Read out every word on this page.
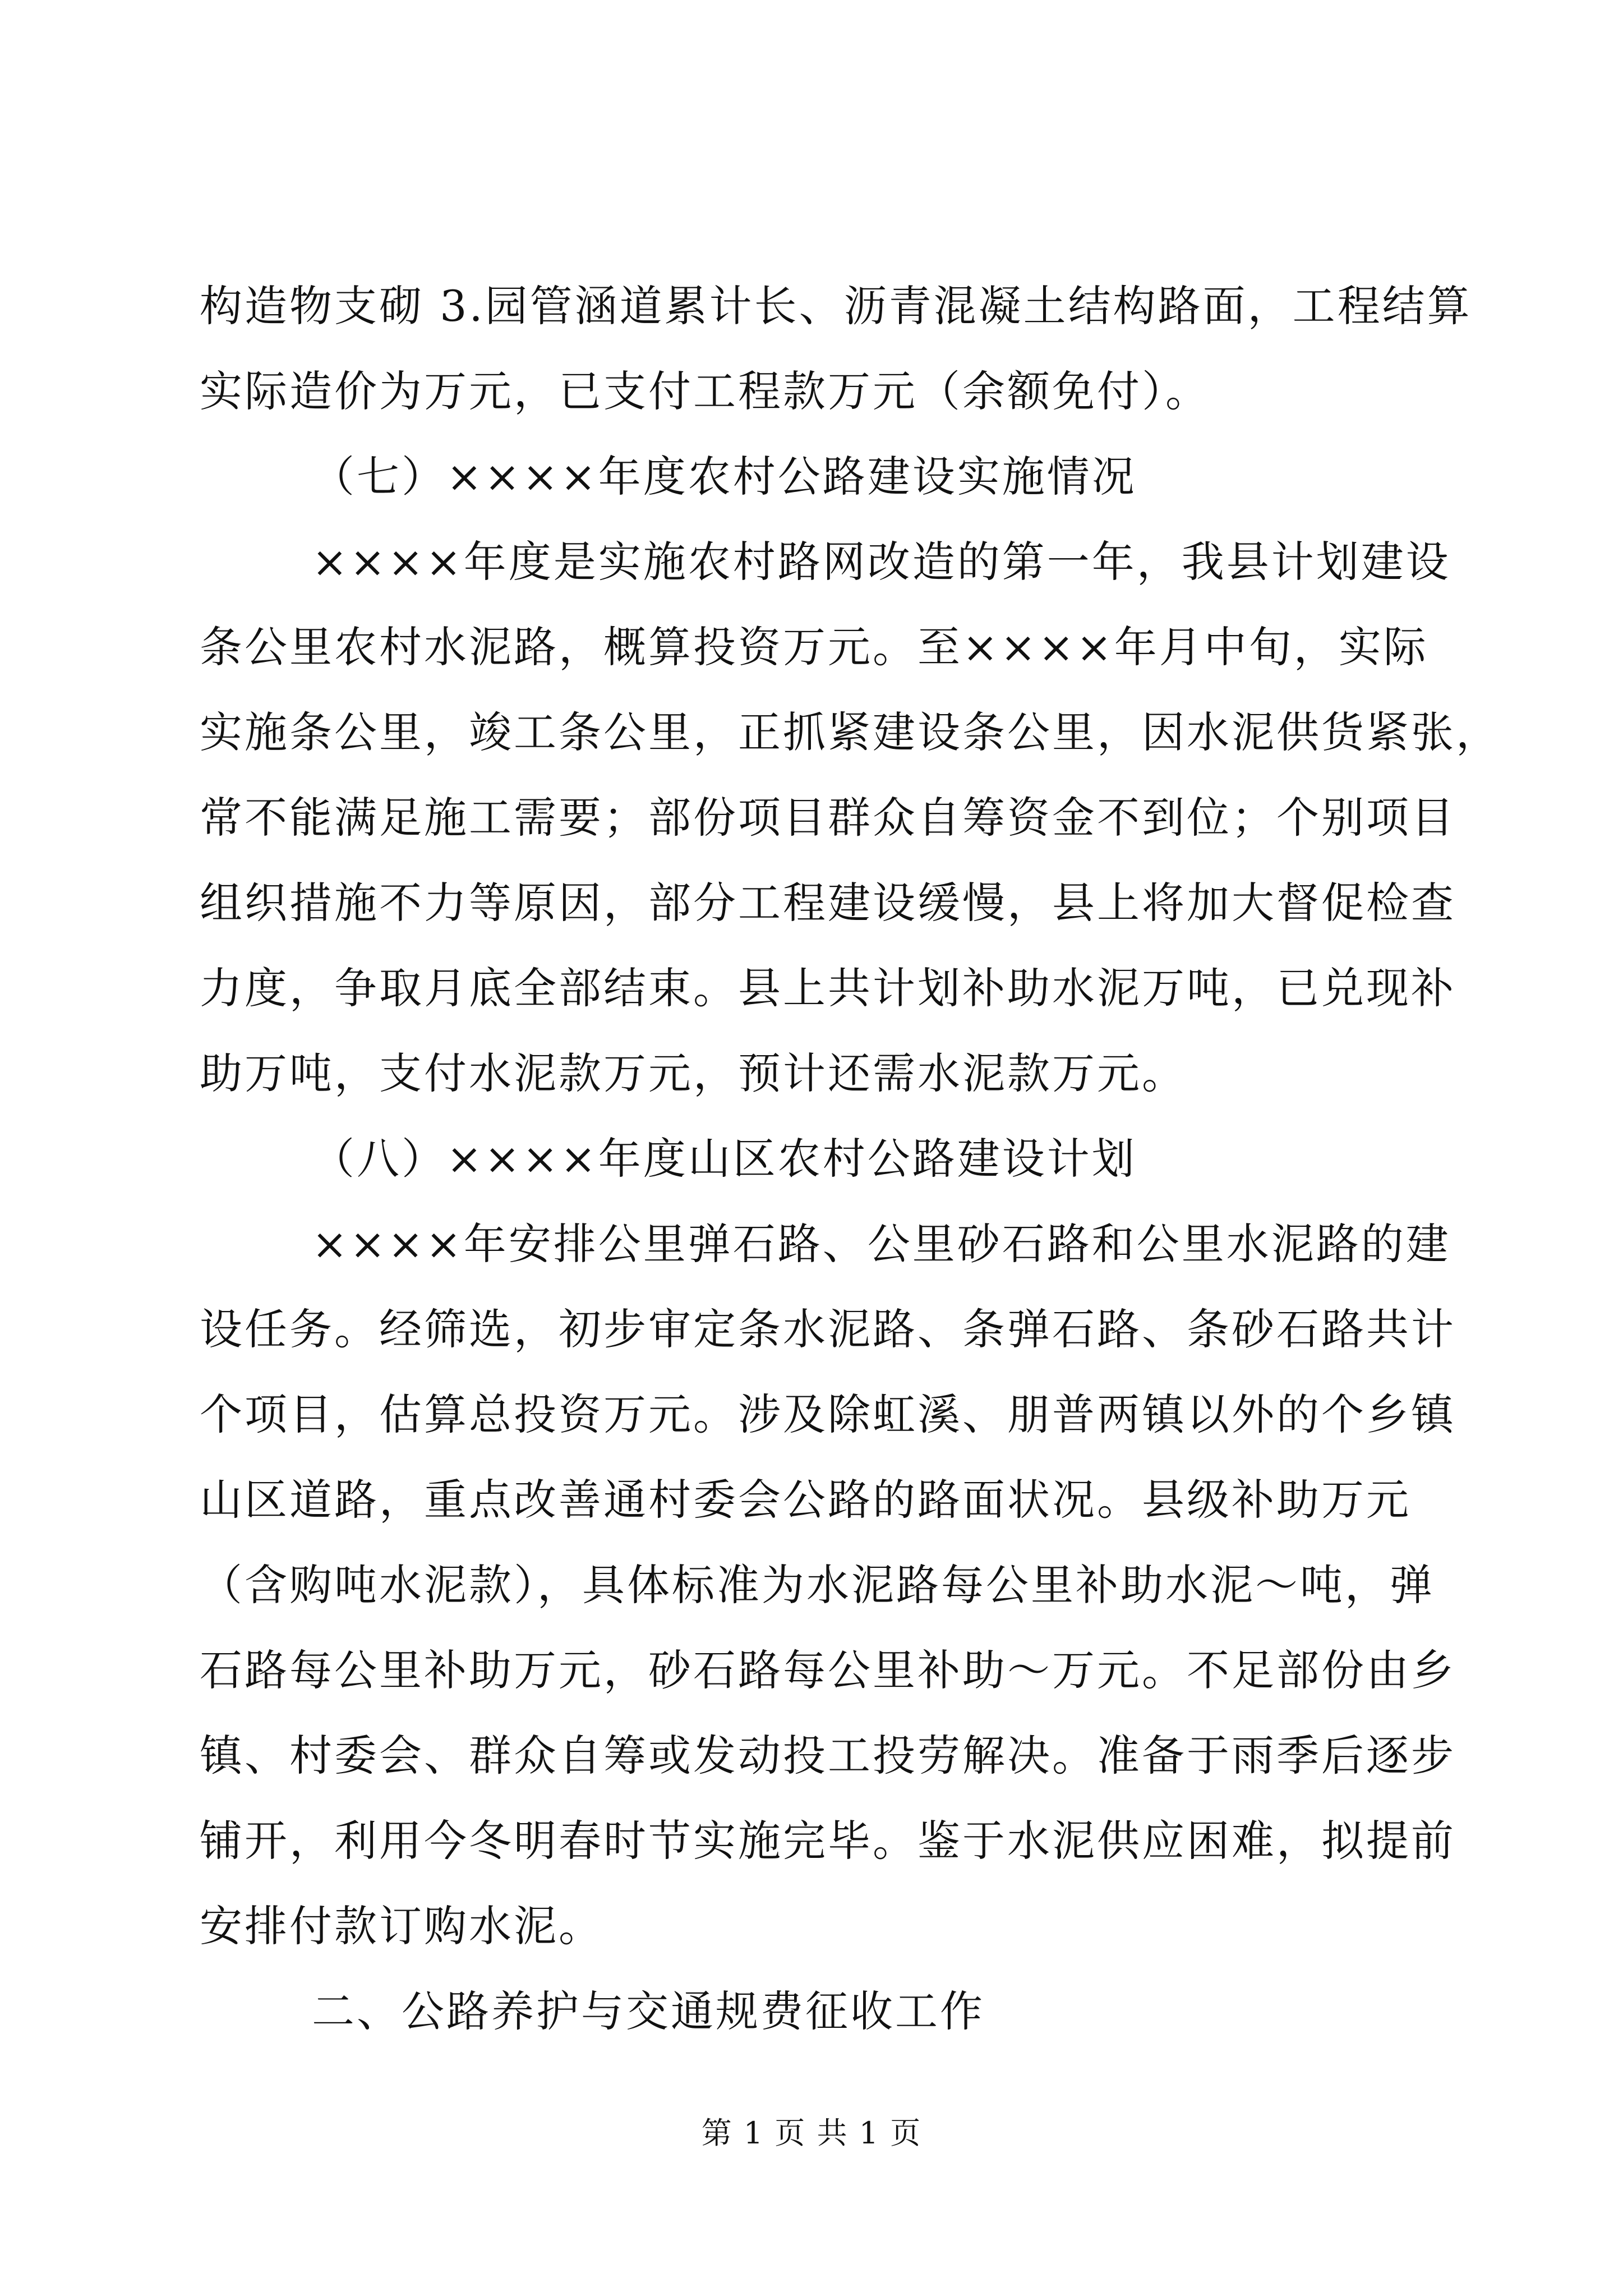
构造物支砌 3.园管涵道累计长、沥青混凝土结构路面，工程结算
实际造价为万元，已支付工程款万元（余额免付）。
（七）××××年度农村公路建设实施情况
××××年度是实施农村路网改造的第一年，我县计划建设
条公里农村水泥路，概算投资万元。至××××年月中旬，实际
实施条公里，竣工条公里，正抓紧建设条公里，因水泥供货紧张，
常不能满足施工需要；部份项目群众自筹资金不到位；个别项目
组织措施不力等原因，部分工程建设缓慢，县上将加大督促检查
力度，争取月底全部结束。县上共计划补助水泥万吨，已兑现补
助万吨，支付水泥款万元，预计还需水泥款万元。
（八）××××年度山区农村公路建设计划
××××年安排公里弹石路、公里砂石路和公里水泥路的建
设任务。经筛选，初步审定条水泥路、条弹石路、条砂石路共计
个项目，估算总投资万元。涉及除虹溪、朋普两镇以外的个乡镇
山区道路，重点改善通村委会公路的路面状况。县级补助万元
（含购吨水泥款），具体标准为水泥路每公里补助水泥～吨，弹
石路每公里补助万元，砂石路每公里补助～万元。不足部份由乡
镇、村委会、群众自筹或发动投工投劳解决。准备于雨季后逐步
铺开，利用今冬明春时节实施完毕。鉴于水泥供应困难，拟提前
安排付款订购水泥。
二、公路养护与交通规费征收工作
第 1 页 共 1 页
